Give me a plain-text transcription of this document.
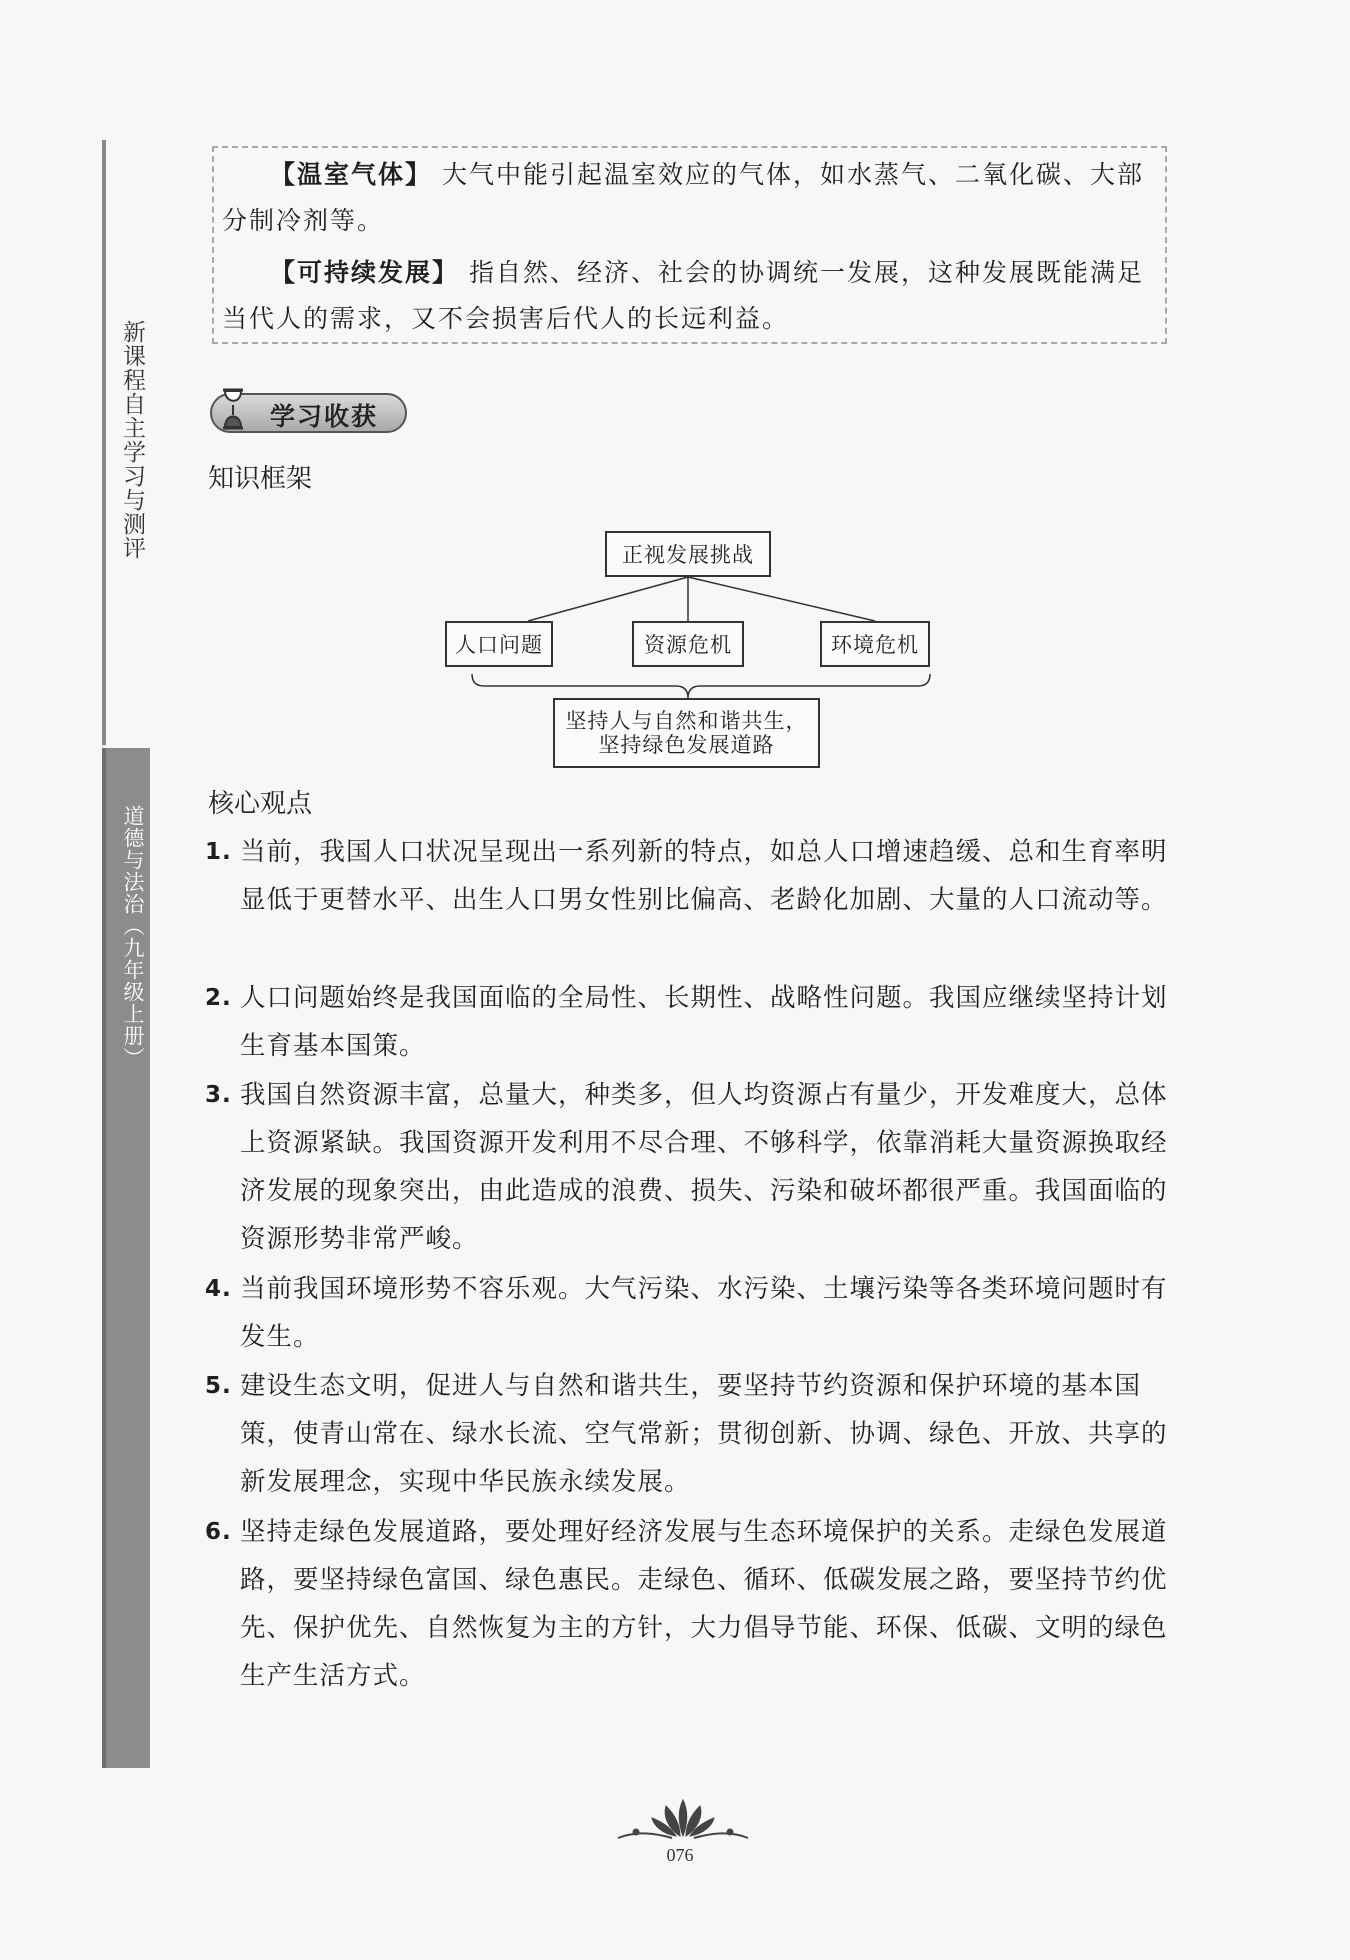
新课程自主学习与测评
道德与法治（九年级上册）

【温室气体】 大气中能引起温室效应的气体，如水蒸气、二氧化碳、大部分制冷剂等。

【可持续发展】 指自然、经济、社会的协调统一发展，这种发展既能满足当代人的需求，又不会损害后代人的长远利益。

学习收获
知识框架
正视发展挑战
人口问题	资源危机	环境危机
坚持人与自然和谐共生，
坚持绿色发展道路
核心观点
1. 当前，我国人口状况呈现出一系列新的特点，如总人口增速趋缓、总和生育率明显低于更替水平、出生人口男女性别比偏高、老龄化加剧、大量的人口流动等。
2. 人口问题始终是我国面临的全局性、长期性、战略性问题。我国应继续坚持计划生育基本国策。
3. 我国自然资源丰富，总量大，种类多，但人均资源占有量少，开发难度大，总体上资源紧缺。我国资源开发利用不尽合理、不够科学，依靠消耗大量资源换取经济发展的现象突出，由此造成的浪费、损失、污染和破坏都很严重。我国面临的资源形势非常严峻。
4. 当前我国环境形势不容乐观。大气污染、水污染、土壤污染等各类环境问题时有发生。
5. 建设生态文明，促进人与自然和谐共生，要坚持节约资源和保护环境的基本国策，使青山常在、绿水长流、空气常新；贯彻创新、协调、绿色、开放、共享的新发展理念，实现中华民族永续发展。
6. 坚持走绿色发展道路，要处理好经济发展与生态环境保护的关系。走绿色发展道路，要坚持绿色富国、绿色惠民。走绿色、循环、低碳发展之路，要坚持节约优先、保护优先、自然恢复为主的方针，大力倡导节能、环保、低碳、文明的绿色生产生活方式。
076
